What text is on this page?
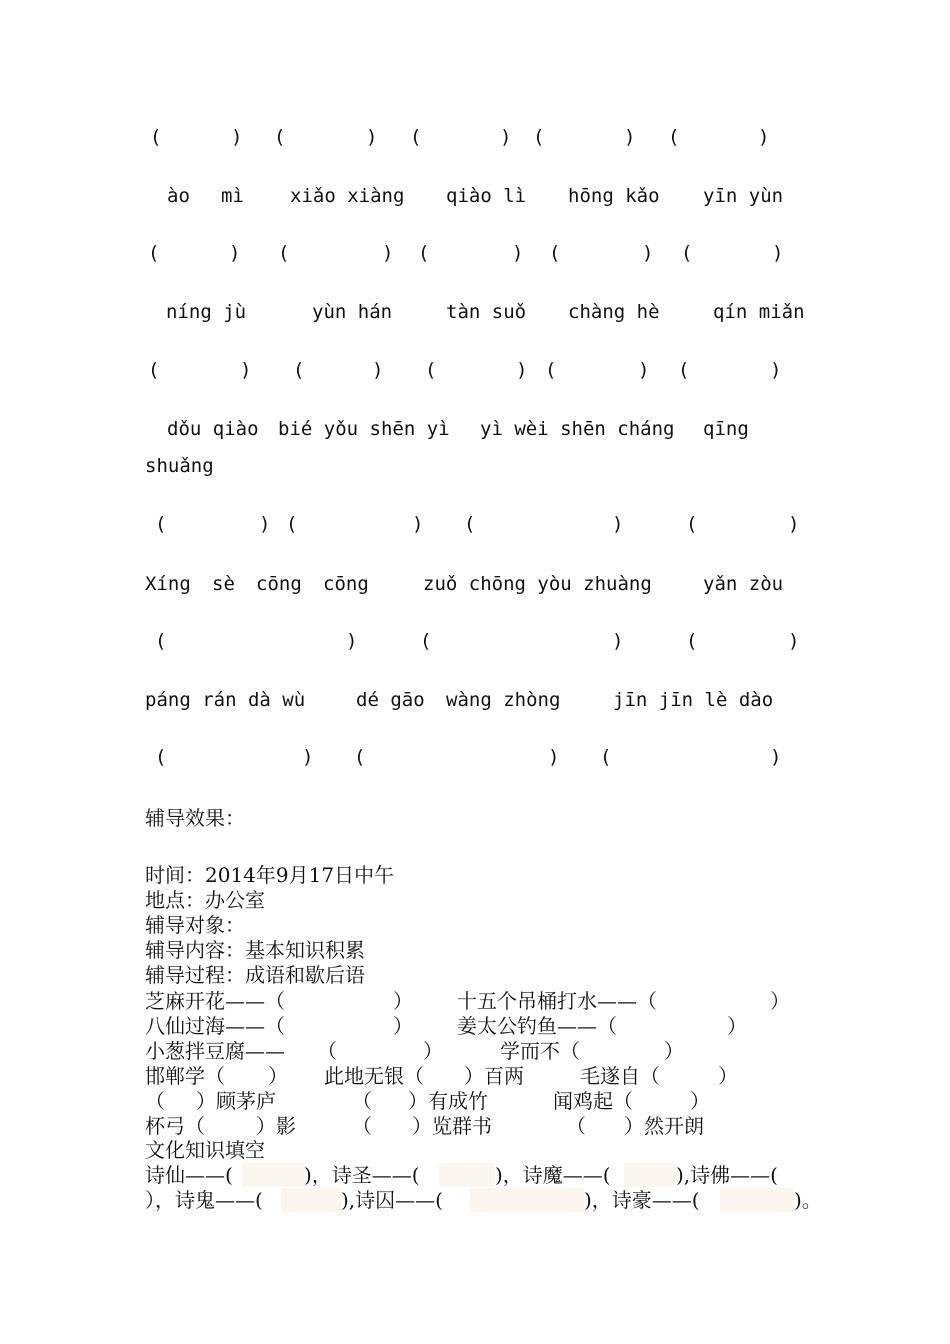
(	) (	) (	) (	) (	)
ào mì xiǎo xiàng qiào lì hōng kǎo yīn yùn
(	) (	) (	) (	) (	)
níng jù	yùn hán	tàn suǒ chàng hè	qín miǎn
(	) (	) (	) (	) (	)
dǒu qiào bié yǒu shēn yì yì wèi shēn cháng qīng
shuǎng
(	) (	) (	)	(	)
Xíng sè cōng cōng	zuǒ chōng yòu zhuàng	yǎn zòu
(	)	(	)	(	)
páng rán dà wù	dé gāo wàng zhòng	jīn jīn lè dào
(	) (	) (	)
辅导效果：
时间：2014年9月17日中午
地点：办公室
辅导对象：
辅导内容：基本知识积累
辅导过程：成语和歇后语
芝麻开花——（	） 十五个吊桶打水——（	）
八仙过海——（	） 姜太公钓鱼——（	）
小葱拌豆腐—— （	）	学而不（	）
邯郸学（ ） 此地无银（ ）百两	毛遂自（	）
（ ）顾茅庐	（ ）有成竹	闻鸡起（	）
杯弓（	）影	（ ）览群书	（ ）然开朗
文化知识填空
诗仙——(	)，诗圣——(	)，诗魔——(	),诗佛——(
），诗鬼——(	),诗囚——(	)，诗豪——(	)。
